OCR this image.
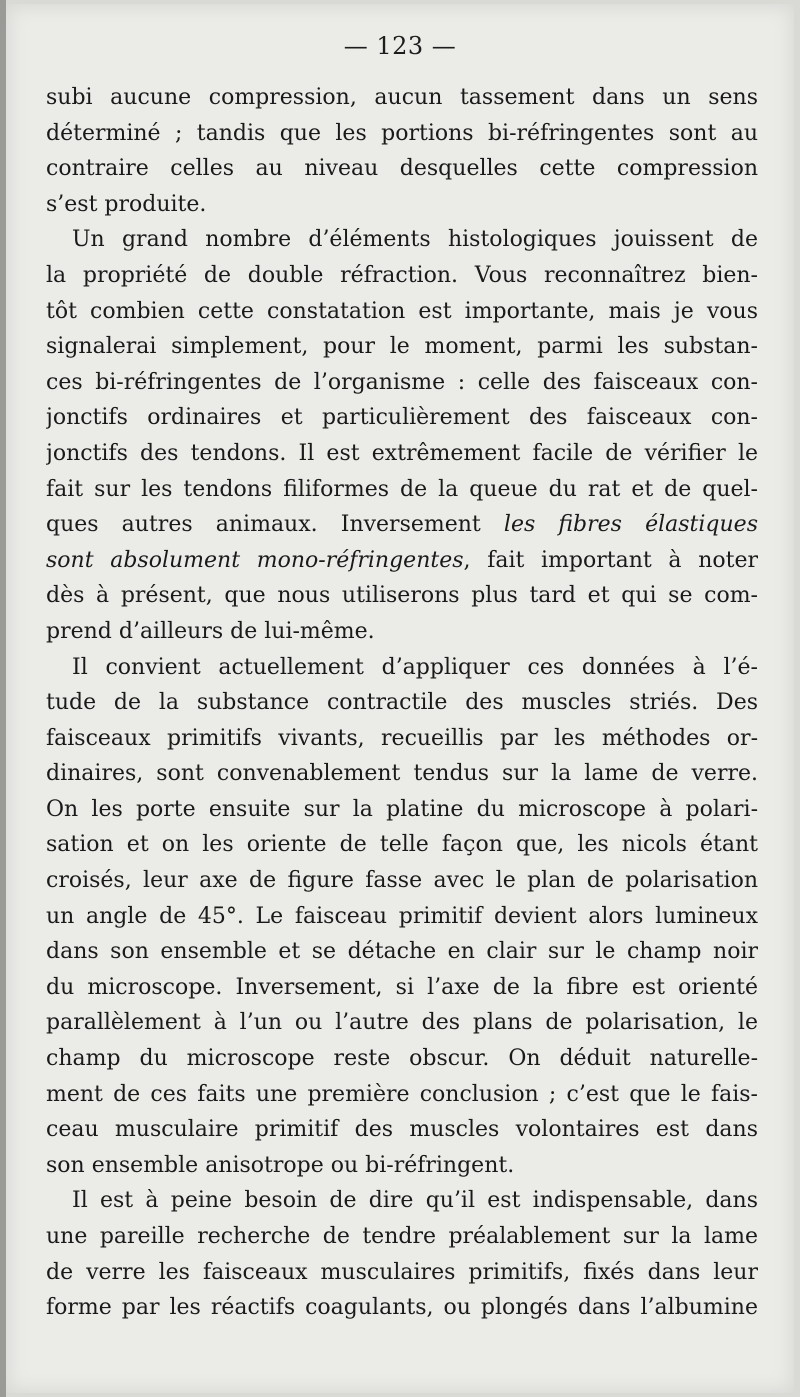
— 123 —
subi aucune compression, aucun tassement dans un sens
déterminé ; tandis que les portions bi-réfringentes sont au
contraire celles au niveau desquelles cette compression
s’est produite.
Un grand nombre d’éléments histologiques jouissent de
la propriété de double réfraction. Vous reconnaîtrez bien-
tôt combien cette constatation est importante, mais je vous
signalerai simplement, pour le moment, parmi les substan-
ces bi-réfringentes de l’organisme : celle des faisceaux con-
jonctifs ordinaires et particulièrement des faisceaux con-
jonctifs des tendons. Il est extrêmement facile de vérifier le
fait sur les tendons filiformes de la queue du rat et de quel-
ques autres animaux. Inversement les fibres élastiques
sont absolument mono-réfringentes, fait important à noter
dès à présent, que nous utiliserons plus tard et qui se com-
prend d’ailleurs de lui-même.
Il convient actuellement d’appliquer ces données à l’é-
tude de la substance contractile des muscles striés. Des
faisceaux primitifs vivants, recueillis par les méthodes or-
dinaires, sont convenablement tendus sur la lame de verre.
On les porte ensuite sur la platine du microscope à polari-
sation et on les oriente de telle façon que, les nicols étant
croisés, leur axe de figure fasse avec le plan de polarisation
un angle de 45°. Le faisceau primitif devient alors lumineux
dans son ensemble et se détache en clair sur le champ noir
du microscope. Inversement, si l’axe de la fibre est orienté
parallèlement à l’un ou l’autre des plans de polarisation, le
champ du microscope reste obscur. On déduit naturelle-
ment de ces faits une première conclusion ; c’est que le fais-
ceau musculaire primitif des muscles volontaires est dans
son ensemble anisotrope ou bi-réfringent.
Il est à peine besoin de dire qu’il est indispensable, dans
une pareille recherche de tendre préalablement sur la lame
de verre les faisceaux musculaires primitifs, fixés dans leur
forme par les réactifs coagulants, ou plongés dans l’albumine
